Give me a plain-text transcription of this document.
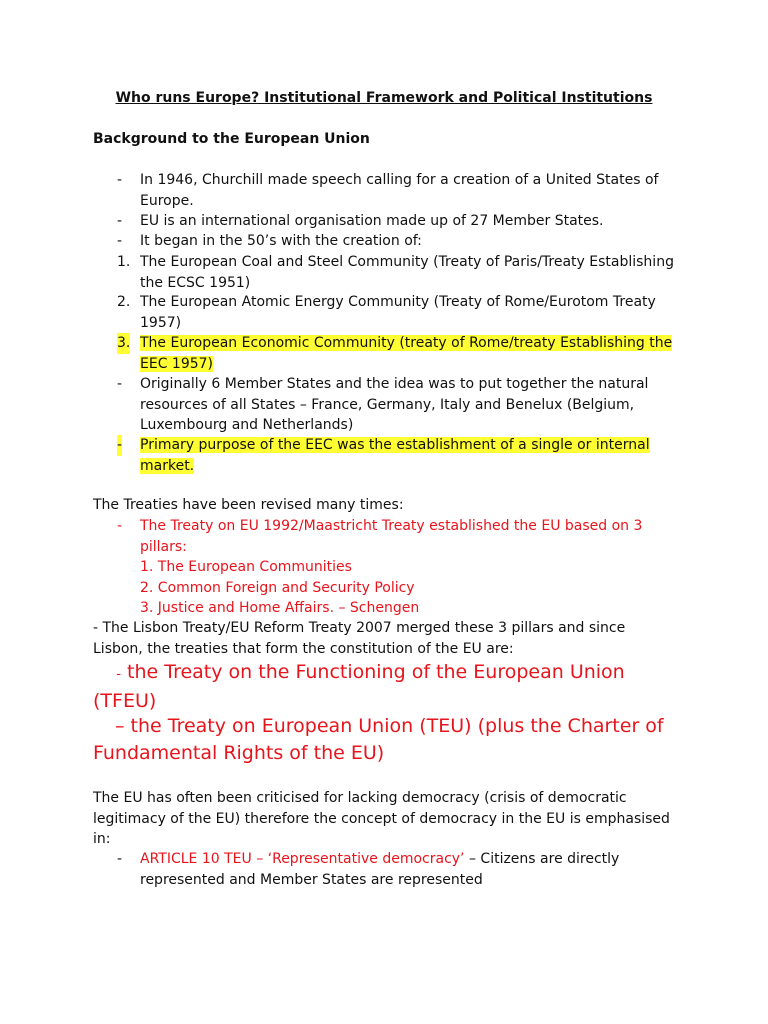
Who runs Europe? Institutional Framework and Political Institutions
Background to the European Union
- In 1946, Churchill made speech calling for a creation of a United States of Europe.
- EU is an international organisation made up of 27 Member States.
- It began in the 50’s with the creation of:
1. The European Coal and Steel Community (Treaty of Paris/Treaty Establishing the ECSC 1951)
2. The European Atomic Energy Community (Treaty of Rome/Eurotom Treaty 1957)
3. The European Economic Community (treaty of Rome/treaty Establishing the EEC 1957)
- Originally 6 Member States and the idea was to put together the natural resources of all States – France, Germany, Italy and Benelux (Belgium, Luxembourg and Netherlands)
- Primary purpose of the EEC was the establishment of a single or internal market.
The Treaties have been revised many times:
- The Treaty on EU 1992/Maastricht Treaty established the EU based on 3 pillars:
1. The European Communities
2. Common Foreign and Security Policy
3. Justice and Home Affairs. – Schengen
- The Lisbon Treaty/EU Reform Treaty 2007 merged these 3 pillars and since Lisbon, the treaties that form the constitution of the EU are:
- the Treaty on the Functioning of the European Union (TFEU)
– the Treaty on European Union (TEU) (plus the Charter of Fundamental Rights of the EU)
The EU has often been criticised for lacking democracy (crisis of democratic legitimacy of the EU) therefore the concept of democracy in the EU is emphasised in:
- ARTICLE 10 TEU – ‘Representative democracy’ – Citizens are directly represented and Member States are represented
